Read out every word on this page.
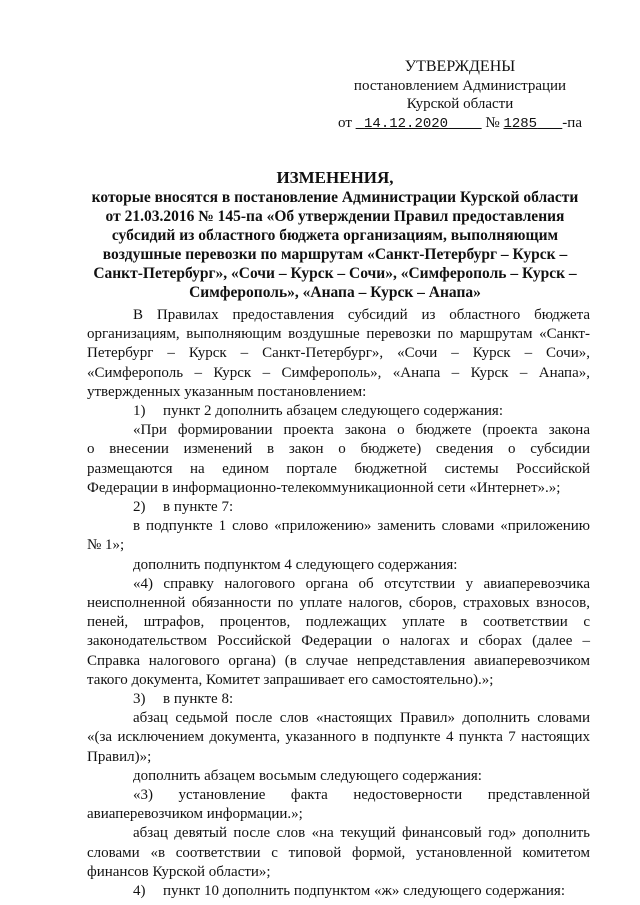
УТВЕРЖДЕНЫ
постановлением Администрации
Курской области
от 14.12.2020 № 1285 -па
ИЗМЕНЕНИЯ,
которые вносятся в постановление Администрации Курской области
от 21.03.2016 № 145-па «Об утверждении Правил предоставления
субсидий из областного бюджета организациям, выполняющим
воздушные перевозки по маршрутам «Санкт-Петербург – Курск –
Санкт-Петербург», «Сочи – Курск – Сочи», «Симферополь – Курск –
Симферополь», «Анапа – Курск – Анапа»
В Правилах предоставления субсидий из областного бюджета
организациям, выполняющим воздушные перевозки по маршрутам «Санкт-
Петербург – Курск – Санкт-Петербург», «Сочи – Курск – Сочи»,
«Симферополь – Курск – Симферополь», «Анапа – Курск – Анапа»,
утвержденных указанным постановлением:
1) пункт 2 дополнить абзацем следующего содержания:
«При формировании проекта закона о бюджете (проекта закона
о внесении изменений в закон о бюджете) сведения о субсидии
размещаются на едином портале бюджетной системы Российской
Федерации в информационно-телекоммуникационной сети «Интернет».»;
2) в пункте 7:
в подпункте 1 слово «приложению» заменить словами «приложению
№ 1»;
дополнить подпунктом 4 следующего содержания:
«4) справку налогового органа об отсутствии у авиаперевозчика
неисполненной обязанности по уплате налогов, сборов, страховых взносов,
пеней, штрафов, процентов, подлежащих уплате в соответствии с
законодательством Российской Федерации о налогах и сборах (далее –
Справка налогового органа) (в случае непредставления авиаперевозчиком
такого документа, Комитет запрашивает его самостоятельно).»;
3) в пункте 8:
абзац седьмой после слов «настоящих Правил» дополнить словами
«(за исключением документа, указанного в подпункте 4 пункта 7 настоящих
Правил)»;
дополнить абзацем восьмым следующего содержания:
«3) установление факта недостоверности представленной
авиаперевозчиком информации.»;
абзац девятый после слов «на текущий финансовый год» дополнить
словами «в соответствии с типовой формой, установленной комитетом
финансов Курской области»;
4) пункт 10 дополнить подпунктом «ж» следующего содержания:
